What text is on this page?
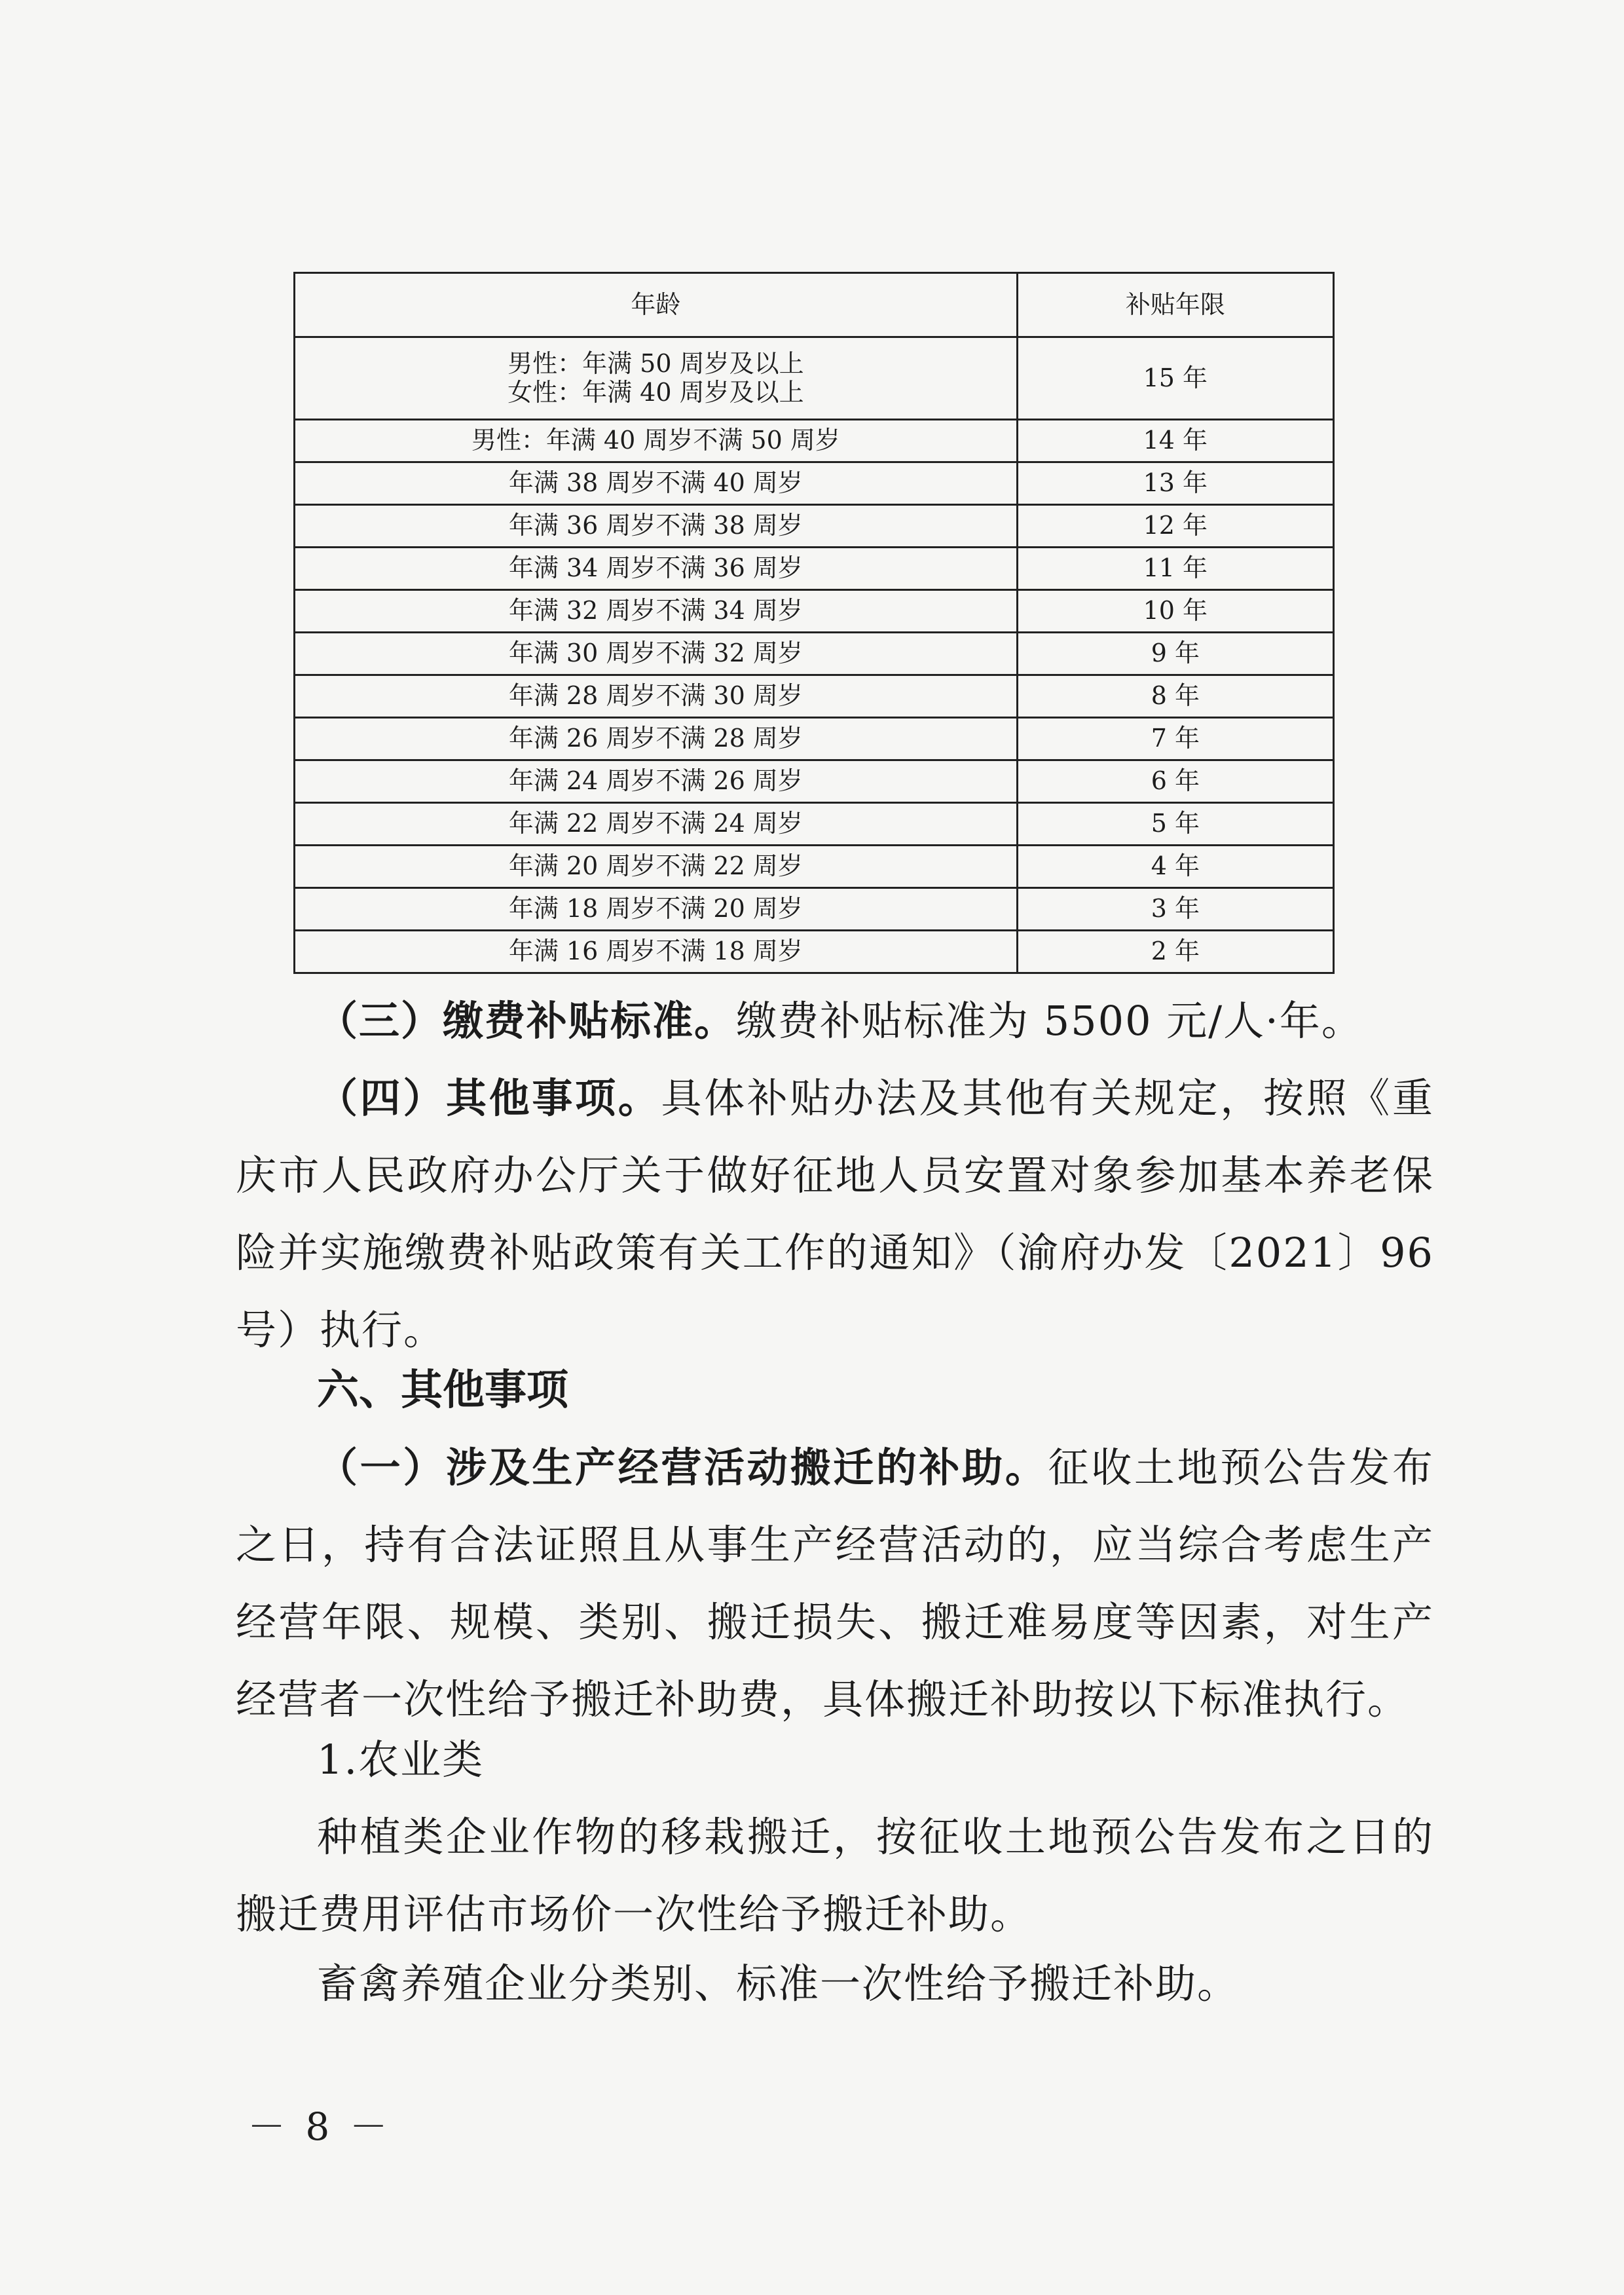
年龄	补贴年限

男性：年满 50 周岁及以上
女性：年满 40 周岁及以上	15 年

男性：年满 40 周岁不满 50 周岁	14 年

年满 38 周岁不满 40 周岁	13 年

年满 36 周岁不满 38 周岁	12 年

年满 34 周岁不满 36 周岁	11 年

年满 32 周岁不满 34 周岁	10 年

年满 30 周岁不满 32 周岁	9 年

年满 28 周岁不满 30 周岁	8 年

年满 26 周岁不满 28 周岁	7 年

年满 24 周岁不满 26 周岁	6 年

年满 22 周岁不满 24 周岁	5 年

年满 20 周岁不满 22 周岁	4 年

年满 18 周岁不满 20 周岁	3 年

年满 16 周岁不满 18 周岁	2 年

（三）缴费补贴标准。缴费补贴标准为 5500 元/人·年。

（四）其他事项。具体补贴办法及其他有关规定，按照《重庆市人民政府办公厅关于做好征地人员安置对象参加基本养老保险并实施缴费补贴政策有关工作的通知》（渝府办发〔2021〕96 号）执行。

六、其他事项

（一）涉及生产经营活动搬迁的补助。征收土地预公告发布之日，持有合法证照且从事生产经营活动的，应当综合考虑生产经营年限、规模、类别、搬迁损失、搬迁难易度等因素，对生产经营者一次性给予搬迁补助费，具体搬迁补助按以下标准执行。

1.农业类

种植类企业作物的移栽搬迁，按征收土地预公告发布之日的搬迁费用评估市场价一次性给予搬迁补助。

畜禽养殖企业分类别、标准一次性给予搬迁补助。

－ 8 －
